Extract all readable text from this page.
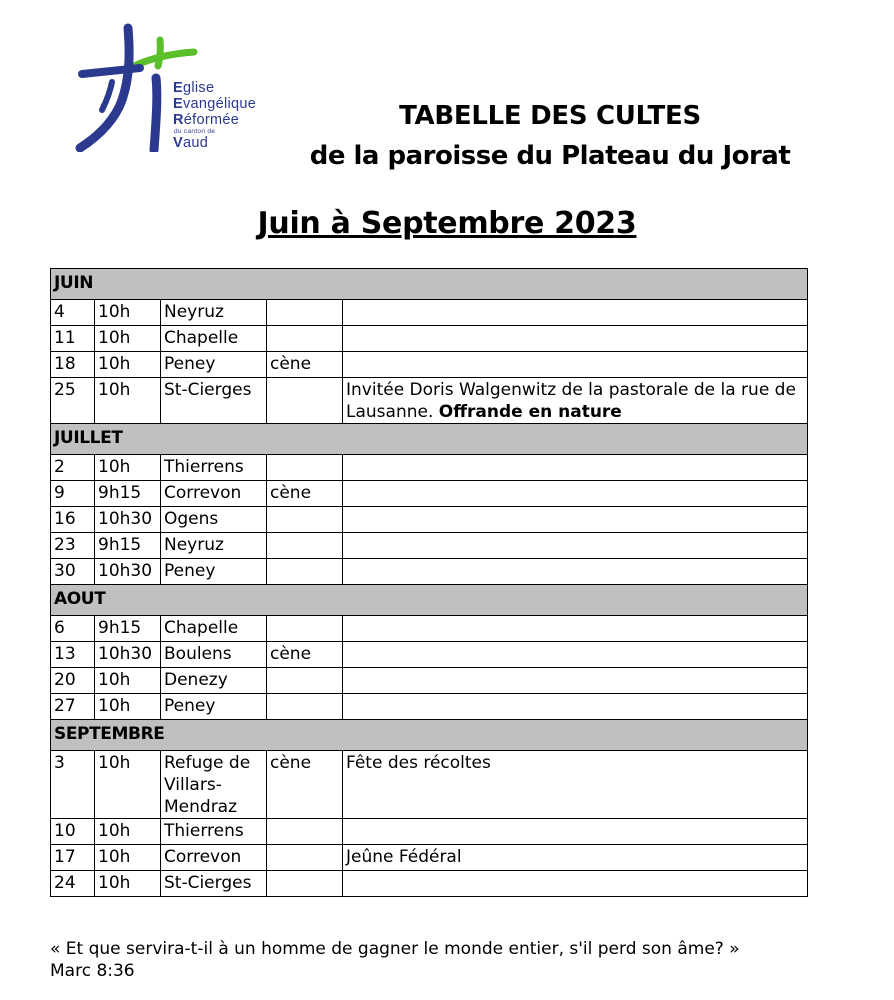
Eglise
Evangélique
Réformée
du canton de
Vaud
TABELLE DES CULTES
de la paroisse du Plateau du Jorat
Juin à Septembre 2023
JUIN				
4	10h	Neyruz		
11	10h	Chapelle		
18	10h	Peney	cène	
25	10h	St-Cierges		Invitée Doris Walgenwitz de la pastorale de la rue de Lausanne. Offrande en nature
JUILLET				
2	10h	Thierrens		
9	9h15	Correvon	cène	
16	10h30	Ogens		
23	9h15	Neyruz		
30	10h30	Peney		
AOUT				
6	9h15	Chapelle		
13	10h30	Boulens	cène	
20	10h	Denezy		
27	10h	Peney		
SEPTEMBRE				
3	10h	Refuge de Villars-Mendraz	cène	Fête des récoltes
10	10h	Thierrens		
17	10h	Correvon		Jeûne Fédéral
24	10h	St-Cierges		
« Et que servira-t-il à un homme de gagner le monde entier, s'il perd son âme? »
Marc 8:36
